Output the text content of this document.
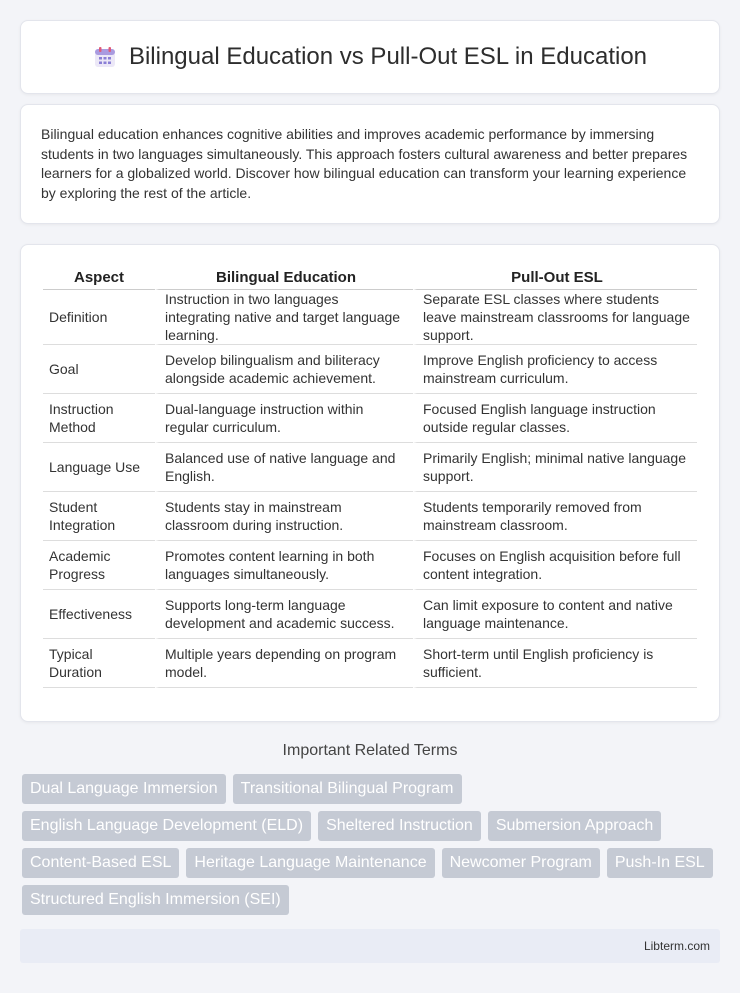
Bilingual Education vs Pull-Out ESL in Education

Bilingual education enhances cognitive abilities and improves academic performance by immersing students in two languages simultaneously. This approach fosters cultural awareness and better prepares learners for a globalized world. Discover how bilingual education can transform your learning experience by exploring the rest of the article.

Aspect	Bilingual Education	Pull-Out ESL
Definition	Instruction in two languages integrating native and target language learning.	Separate ESL classes where students leave mainstream classrooms for language support.
Goal	Develop bilingualism and biliteracy alongside academic achievement.	Improve English proficiency to access mainstream curriculum.
Instruction Method	Dual-language instruction within regular curriculum.	Focused English language instruction outside regular classes.
Language Use	Balanced use of native language and English.	Primarily English; minimal native language support.
Student Integration	Students stay in mainstream classroom during instruction.	Students temporarily removed from mainstream classroom.
Academic Progress	Promotes content learning in both languages simultaneously.	Focuses on English acquisition before full content integration.
Effectiveness	Supports long-term language development and academic success.	Can limit exposure to content and native language maintenance.
Typical Duration	Multiple years depending on program model.	Short-term until English proficiency is sufficient.
Important Related Terms
Dual Language Immersion	Transitional Bilingual Program
English Language Development (ELD)	Sheltered Instruction	Submersion Approach
Content-Based ESL	Heritage Language Maintenance	Newcomer Program	Push-In ESL
Structured English Immersion (SEI)
Libterm.com
